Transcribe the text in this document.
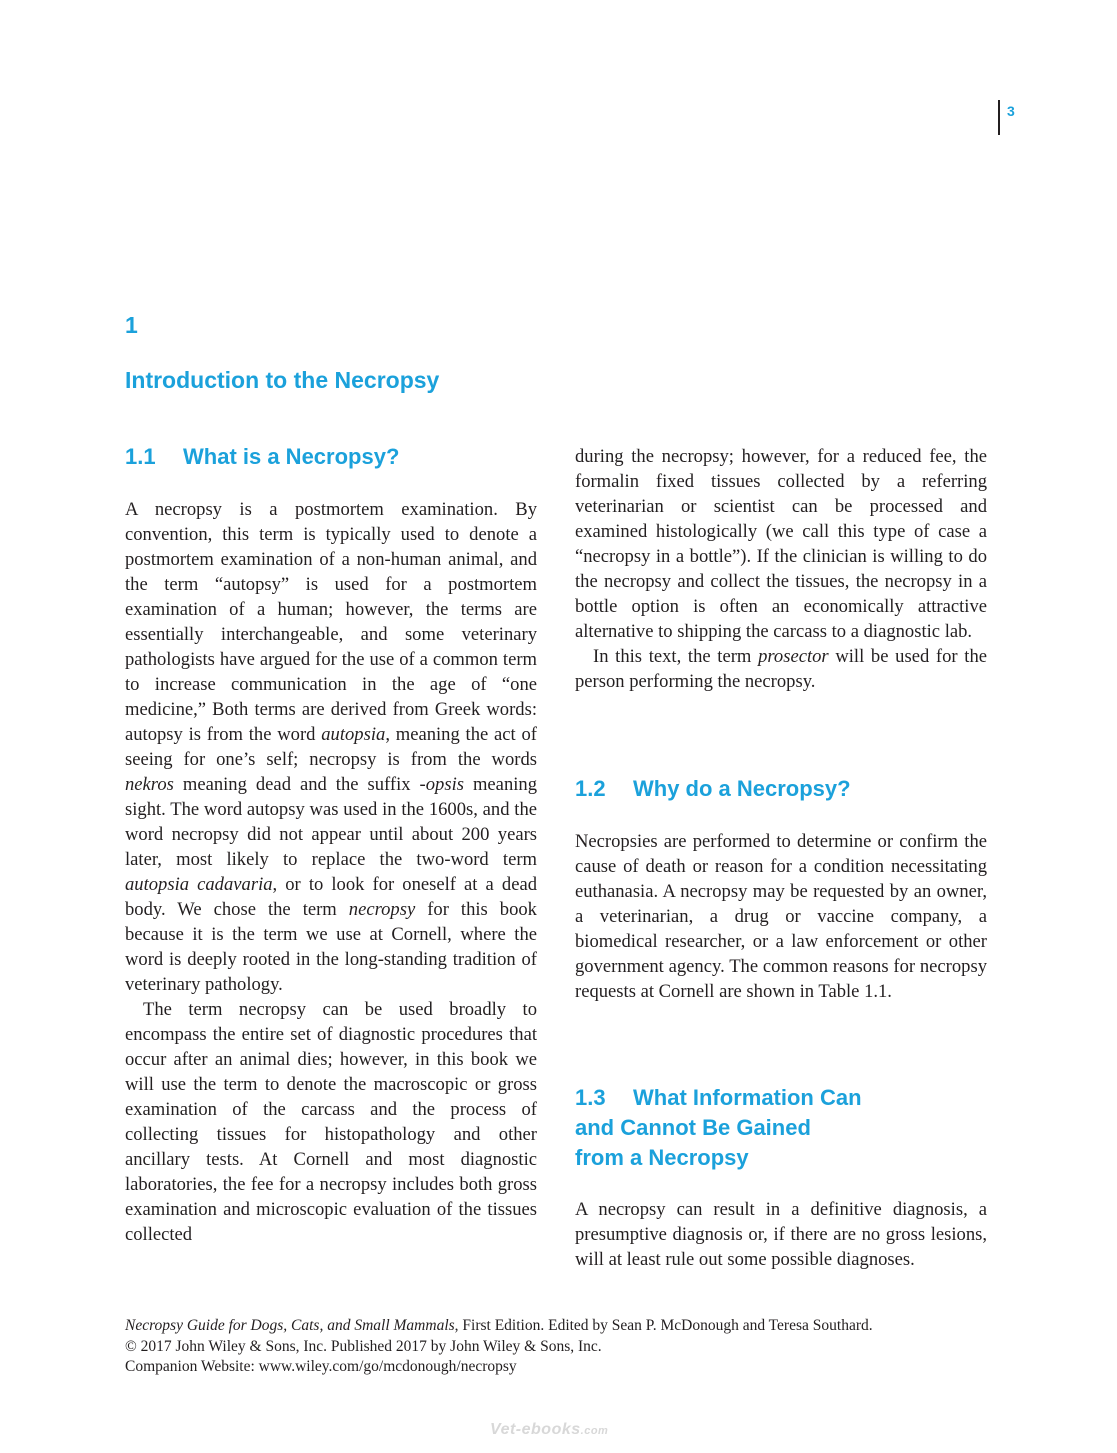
3
1
Introduction to the Necropsy
1.1 What is a Necropsy?

A necropsy is a postmortem examination. By convention, this term is typically used to denote a postmortem examination of a non-human animal, and the term “autopsy” is used for a postmortem examination of a human; however, the terms are essentially interchangeable, and some veterinary pathologists have argued for the use of a common term to increase communication in the age of “one medicine,” Both terms are derived from Greek words: autopsy is from the word autopsia, meaning the act of seeing for one’s self; necropsy is from the words nekros meaning dead and the suffix -opsis meaning sight. The word autopsy was used in the 1600s, and the word necropsy did not appear until about 200 years later, most likely to replace the two-word term autopsia cadavaria, or to look for oneself at a dead body. We chose the term necropsy for this book because it is the term we use at Cornell, where the word is deeply rooted in the long-standing tradition of veterinary pathology.

The term necropsy can be used broadly to encompass the entire set of diagnostic procedures that occur after an animal dies; however, in this book we will use the term to denote the macroscopic or gross examination of the carcass and the process of collecting tissues for histopathology and other ancillary tests. At Cornell and most diagnostic laboratories, the fee for a necropsy includes both gross examination and microscopic evaluation of the tissues collected

during the necropsy; however, for a reduced fee, the formalin fixed tissues collected by a referring veterinarian or scientist can be processed and examined histologically (we call this type of case a “necropsy in a bottle”). If the clinician is willing to do the necropsy and collect the tissues, the necropsy in a bottle option is often an economically attractive alternative to shipping the carcass to a diagnostic lab.

In this text, the term prosector will be used for the person performing the necropsy.

1.2 Why do a Necropsy?

Necropsies are performed to determine or confirm the cause of death or reason for a condition necessitating euthanasia. A necropsy may be requested by an owner, a veterinarian, a drug or vaccine company, a biomedical researcher, or a law enforcement or other government agency. The common reasons for necropsy requests at Cornell are shown in Table 1.1.

1.3 What Information Can
and Cannot Be Gained
from a Necropsy

A necropsy can result in a definitive diagnosis, a presumptive diagnosis or, if there are no gross lesions, will at least rule out some possible diagnoses.

Necropsy Guide for Dogs, Cats, and Small Mammals, First Edition. Edited by Sean P. McDonough and Teresa Southard.
© 2017 John Wiley & Sons, Inc. Published 2017 by John Wiley & Sons, Inc.
Companion Website: www.wiley.com/go/mcdonough/necropsy
Vet-ebooks.com
